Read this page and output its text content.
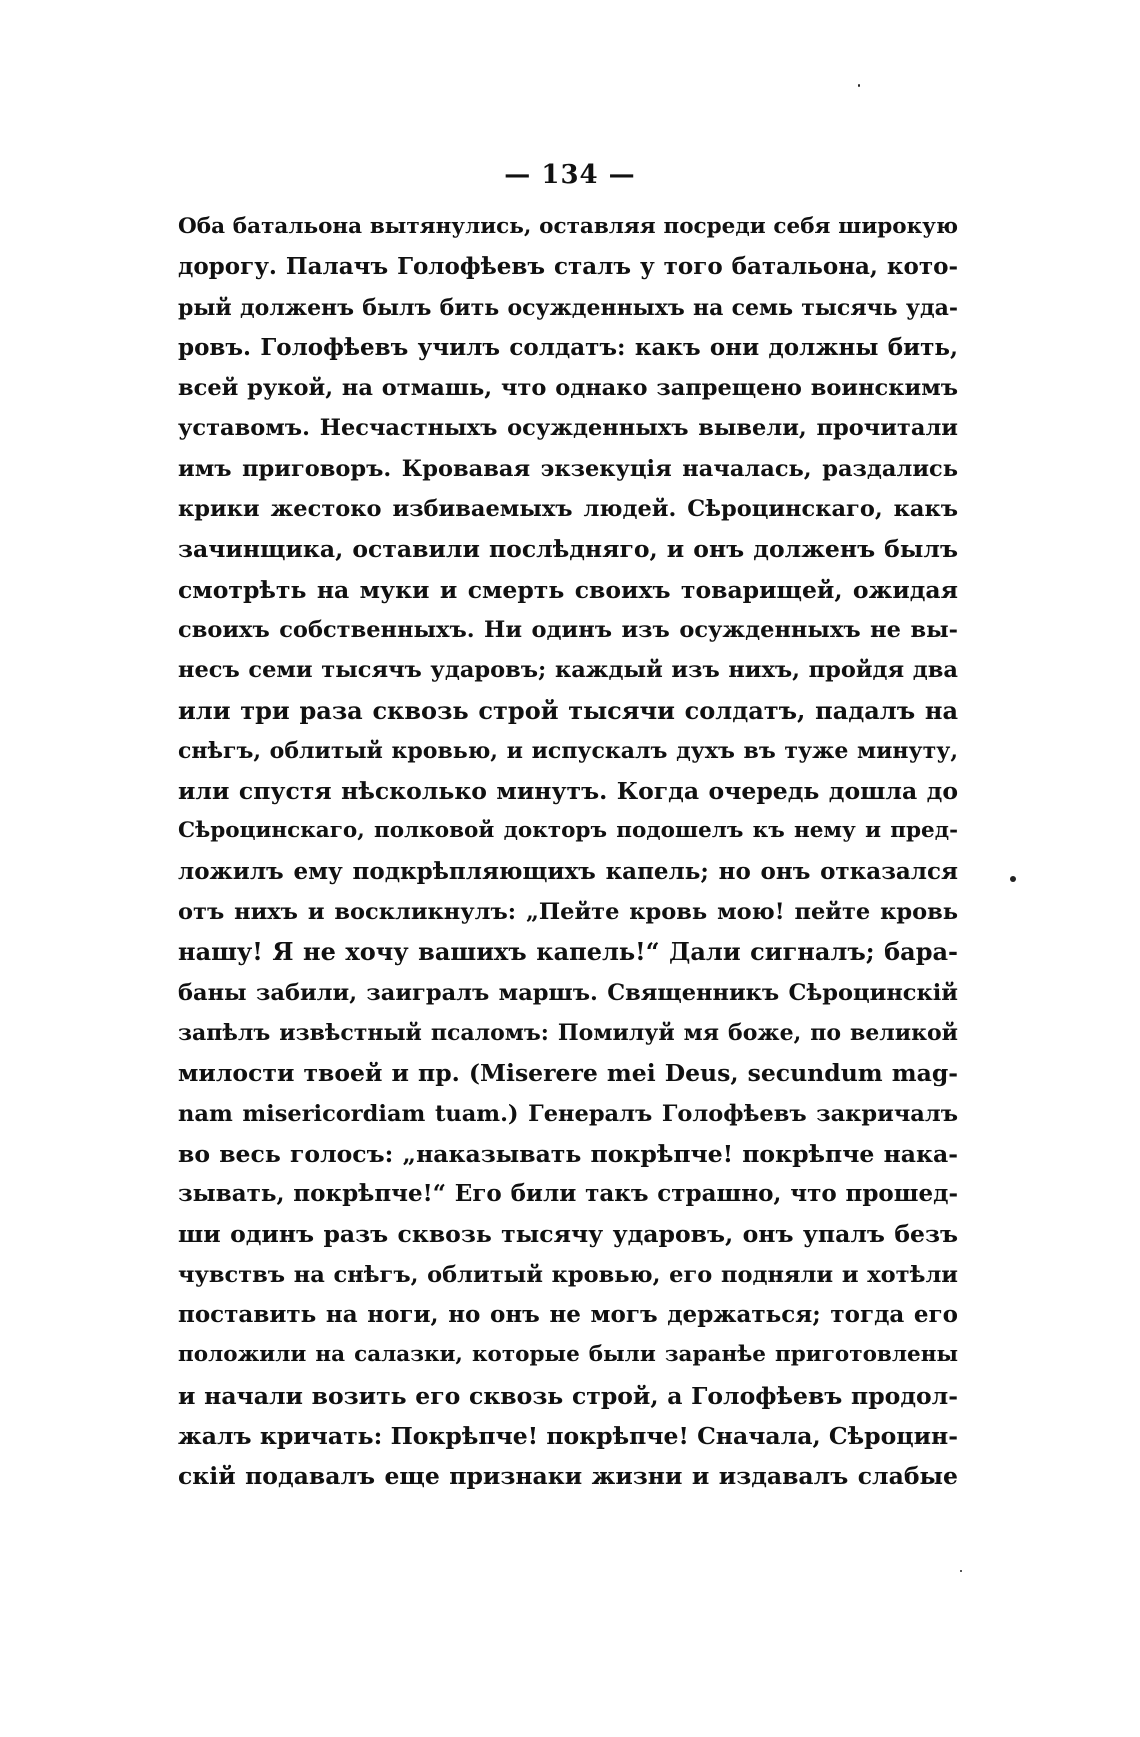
— 134 —
Оба батальона вытянулись, оставляя посреди себя широкую
дорогу. Палачъ Голофѣевъ сталъ у того батальона, кото-
рый долженъ былъ бить осужденныхъ на семь тысячь уда-
ровъ. Голофѣевъ училъ солдатъ: какъ они должны бить,
всей рукой, на отмашь, что однако запрещено воинскимъ
уставомъ. Несчастныхъ осужденныхъ вывели, прочитали
имъ приговоръ. Кровавая экзекуція началась, раздались
крики жестоко избиваемыхъ людей. Сѣроцинскаго, какъ
зачинщика, оставили послѣдняго, и онъ долженъ былъ
смотрѣть на муки и смерть своихъ товарищей, ожидая
своихъ собственныхъ. Ни одинъ изъ осужденныхъ не вы-
несъ семи тысячъ ударовъ; каждый изъ нихъ, пройдя два
или три раза сквозь строй тысячи солдатъ, падалъ на
снѣгъ, облитый кровью, и испускалъ духъ въ туже минуту,
или спустя нѣсколько минутъ. Когда очередь дошла до
Сѣроцинскаго, полковой докторъ подошелъ къ нему и пред-
ложилъ ему подкрѣпляющихъ капель; но онъ отказался
отъ нихъ и воскликнулъ: „Пейте кровь мою! пейте кровь
нашу! Я не хочу вашихъ капель!“ Дали сигналъ; бара-
баны забили, заигралъ маршъ. Священникъ Сѣроцинскій
запѣлъ извѣстный псаломъ: Помилуй мя боже, по великой
милости твоей и пр. (Miserere mei Deus, secundum mag-
nam misericordiam tuam.) Генералъ Голофѣевъ закричалъ
во весь голосъ: „наказывать покрѣпче! покрѣпче нака-
зывать, покрѣпче!“ Его били такъ страшно, что прошед-
ши одинъ разъ сквозь тысячу ударовъ, онъ упалъ безъ
чувствъ на снѣгъ, облитый кровью, его подняли и хотѣли
поставить на ноги, но онъ не могъ держаться; тогда его
положили на салазки, которые были заранѣе приготовлены
и начали возить его сквозь строй, а Голофѣевъ продол-
жалъ кричать: Покрѣпче! покрѣпче! Сначала, Сѣроцин-
скій подавалъ еще признаки жизни и издавалъ слабые
